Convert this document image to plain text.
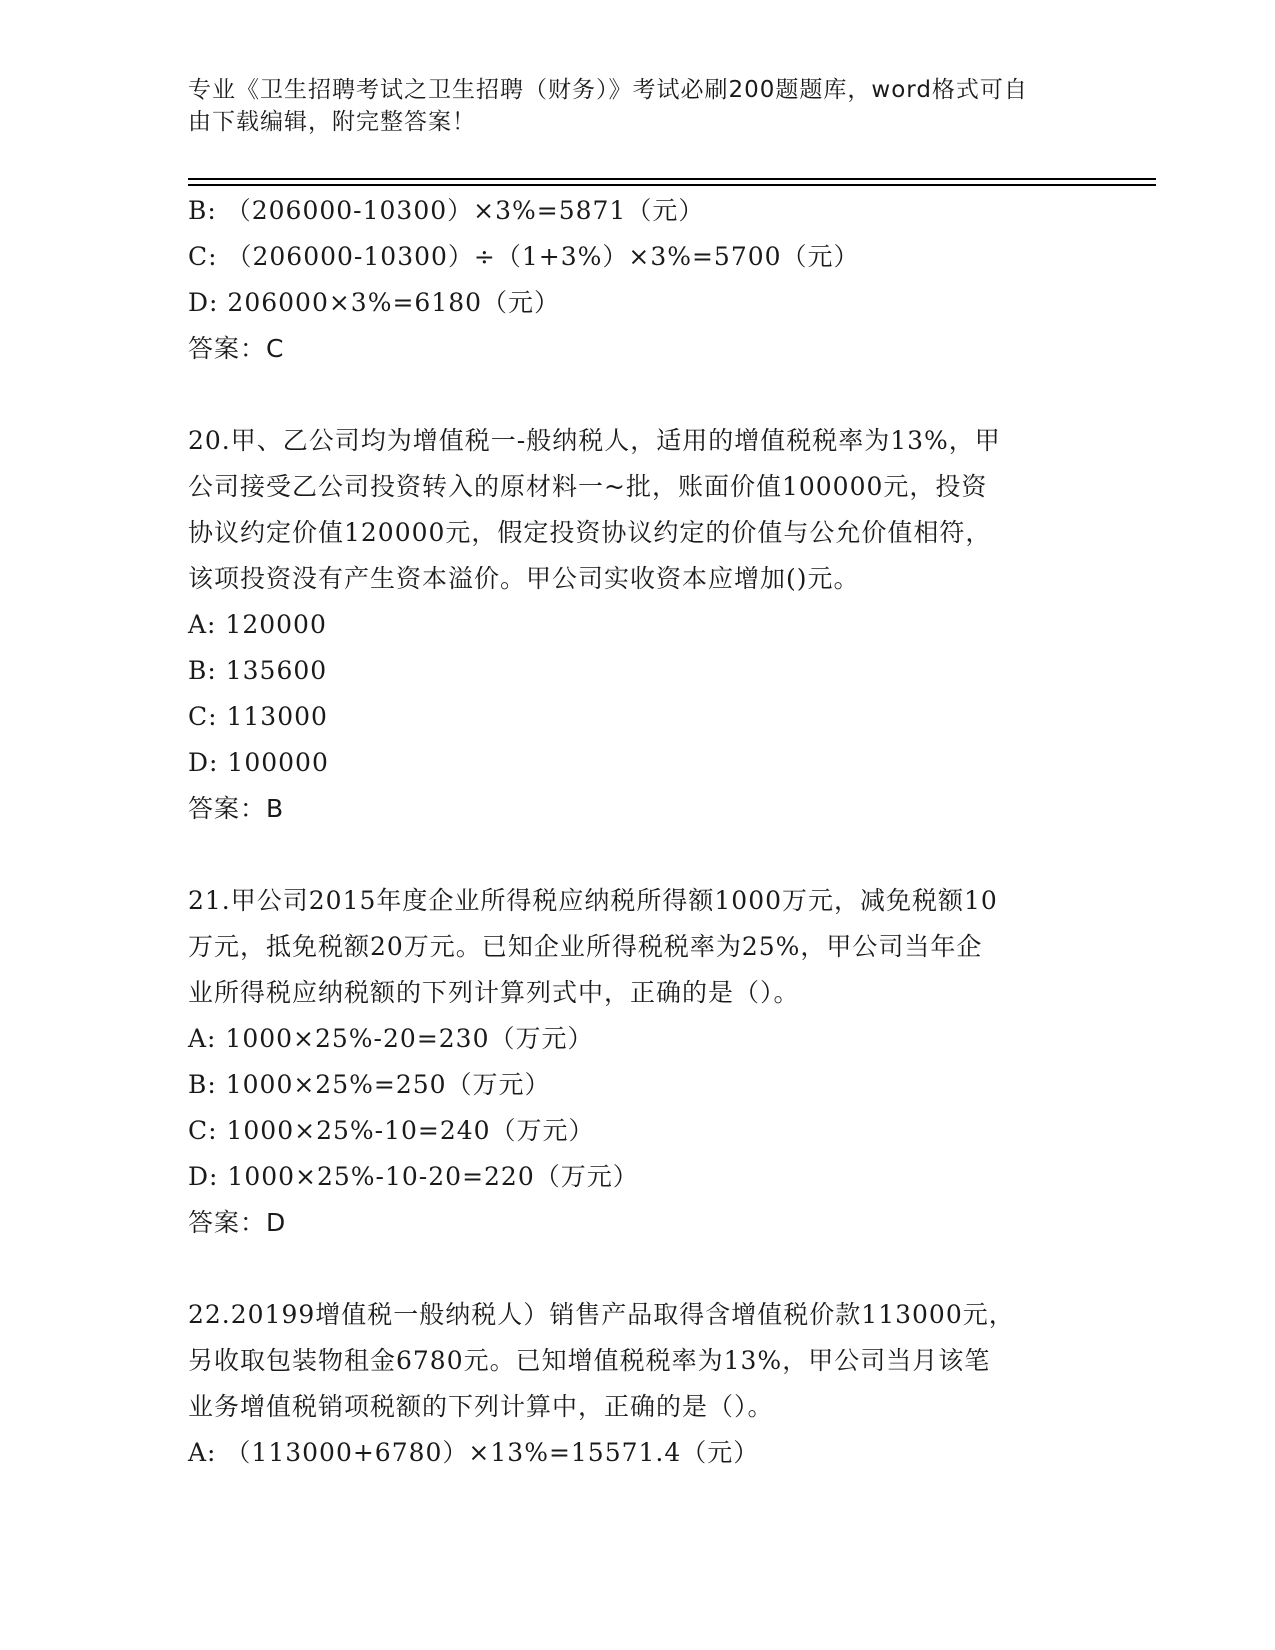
专业《卫生招聘考试之卫生招聘（财务）》考试必刷200题题库，word格式可自
由下载编辑，附完整答案！
B: （206000-10300）×3%=5871（元）
C: （206000-10300）÷（1+3%）×3%=5700（元）
D: 206000×3%=6180（元）
答案：C
20.甲、乙公司均为增值税一-般纳税人，适用的增值税税率为13%，甲
公司接受乙公司投资转入的原材料一~批，账面价值100000元，投资
协议约定价值120000元，假定投资协议约定的价值与公允价值相符，
该项投资没有产生资本溢价。甲公司实收资本应增加()元。
A: 120000
B: 135600
C: 113000
D: 100000
答案：B
21.甲公司2015年度企业所得税应纳税所得额1000万元，减免税额10
万元，抵免税额20万元。已知企业所得税税率为25%，甲公司当年企
业所得税应纳税额的下列计算列式中，正确的是（）。
A: 1000×25%-20=230（万元）
B: 1000×25%=250（万元）
C: 1000×25%-10=240（万元）
D: 1000×25%-10-20=220（万元）
答案：D
22.20199增值税一般纳税人）销售产品取得含增值税价款113000元，
另收取包装物租金6780元。已知增值税税率为13%，甲公司当月该笔
业务增值税销项税额的下列计算中，正确的是（）。
A: （113000+6780）×13%=15571.4（元）
